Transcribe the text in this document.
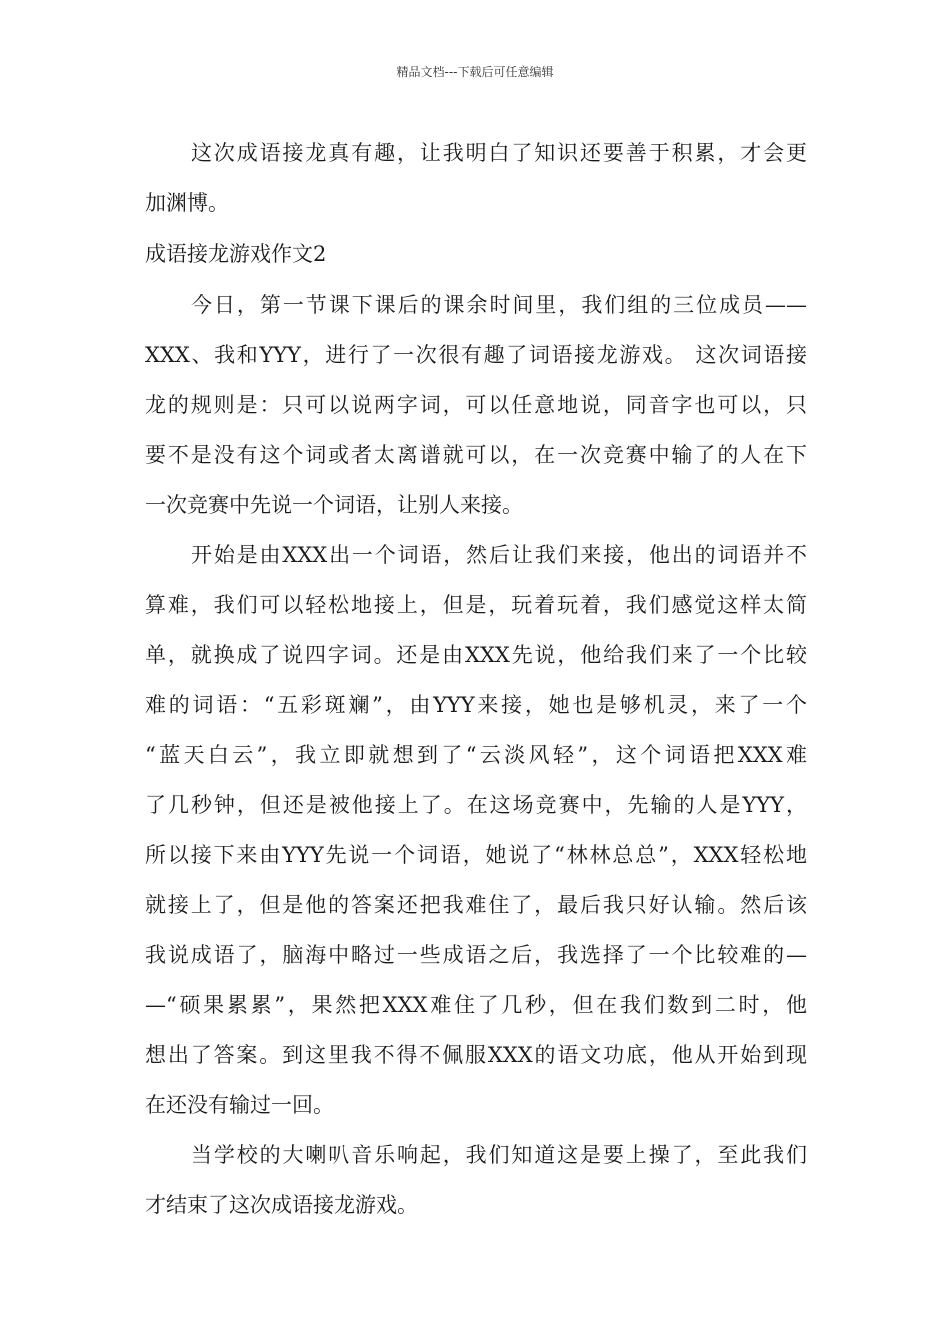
精品文档---下载后可任意编辑
这次成语接龙真有趣，让我明白了知识还要善于积累，才会更
加渊博。
成语接龙游戏作文2
今日，第一节课下课后的课余时间里，我们组的三位成员——
XXX、我和YYY，进行了一次很有趣了词语接龙游戏。 这次词语接
龙的规则是：只可以说两字词，可以任意地说，同音字也可以，只
要不是没有这个词或者太离谱就可以，在一次竞赛中输了的人在下
一次竞赛中先说一个词语，让别人来接。
开始是由XXX出一个词语，然后让我们来接，他出的词语并不
算难，我们可以轻松地接上，但是，玩着玩着，我们感觉这样太简
单，就换成了说四字词。还是由XXX先说，他给我们来了一个比较
难的词语：“五彩斑斓”，由YYY来接，她也是够机灵，来了一个
“蓝天白云”，我立即就想到了“云淡风轻”，这个词语把XXX难
了几秒钟，但还是被他接上了。在这场竞赛中，先输的人是YYY，
所以接下来由YYY先说一个词语，她说了“林林总总”，XXX轻松地
就接上了，但是他的答案还把我难住了，最后我只好认输。然后该
我说成语了，脑海中略过一些成语之后，我选择了一个比较难的—
—“硕果累累”，果然把XXX难住了几秒，但在我们数到二时，他
想出了答案。到这里我不得不佩服XXX的语文功底，他从开始到现
在还没有输过一回。
当学校的大喇叭音乐响起，我们知道这是要上操了，至此我们
才结束了这次成语接龙游戏。
